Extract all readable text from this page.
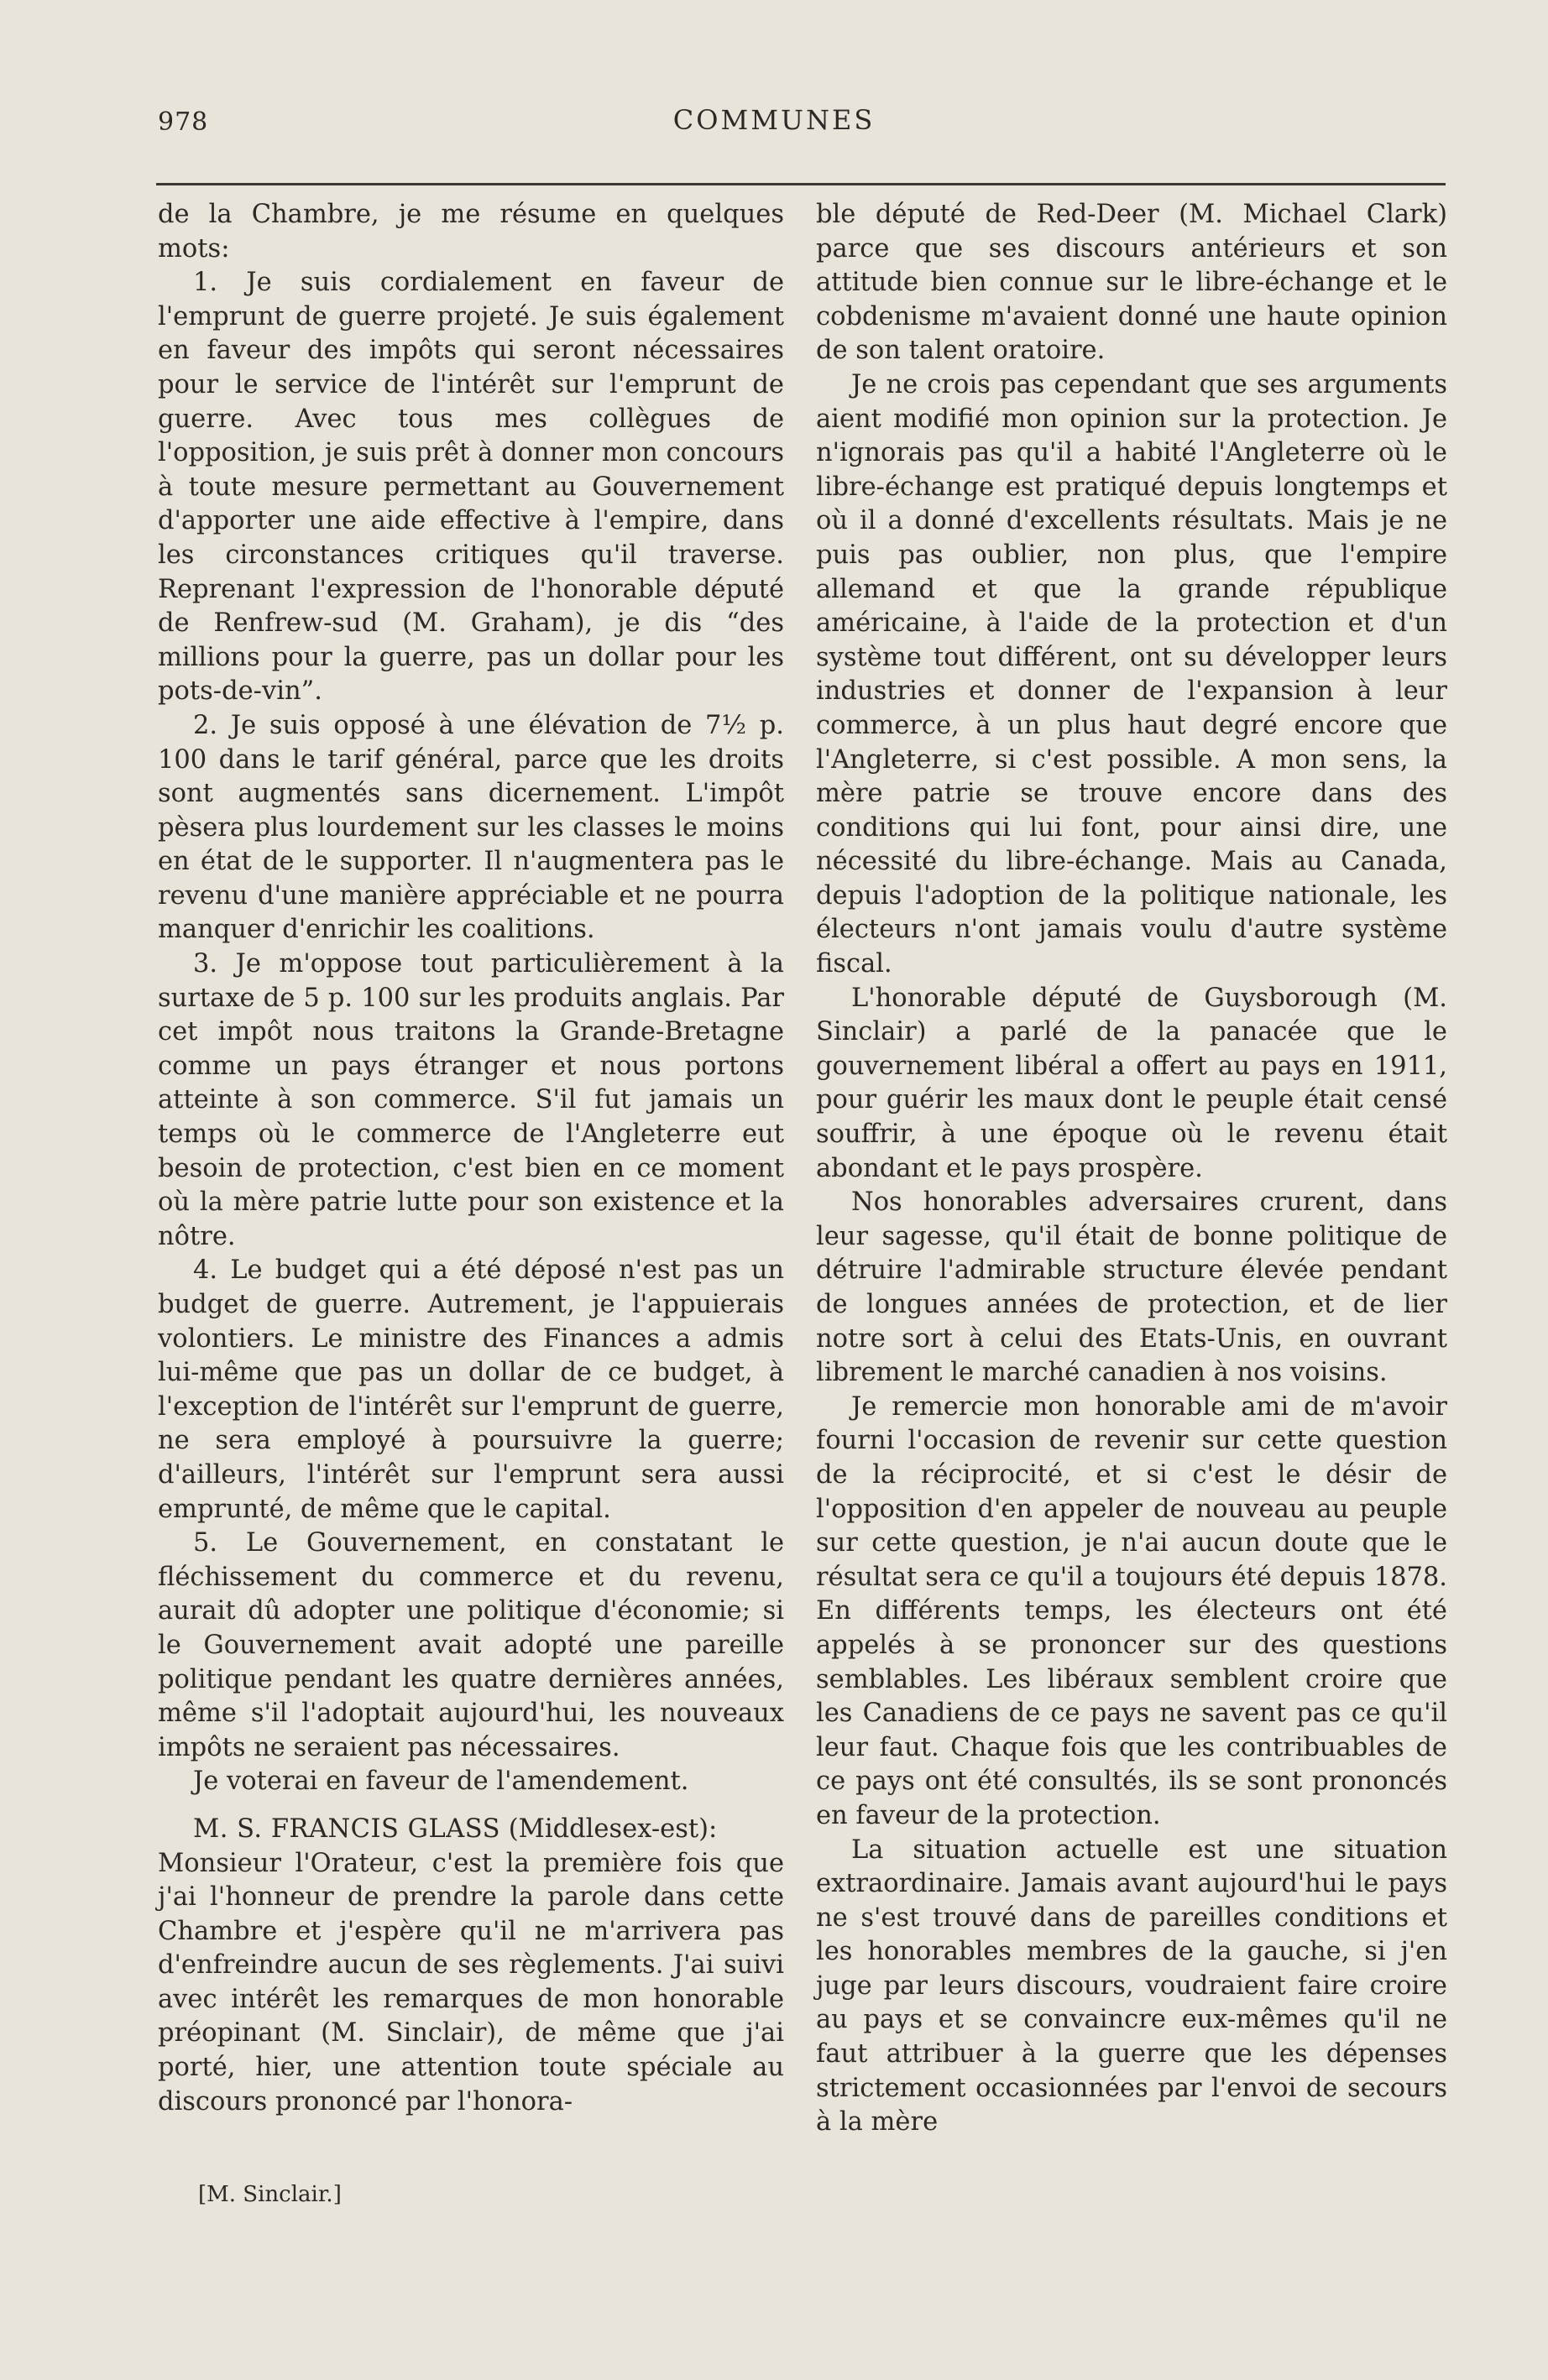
978	COMMUNES

de la Chambre, je me résume en quelques mots:

1. Je suis cordialement en faveur de l'emprunt de guerre projeté. Je suis également en faveur des impôts qui seront nécessaires pour le service de l'intérêt sur l'emprunt de guerre. Avec tous mes collègues de l'opposition, je suis prêt à donner mon concours à toute mesure permettant au Gouvernement d'apporter une aide effective à l'empire, dans les circonstances critiques qu'il traverse. Reprenant l'expression de l'honorable député de Renfrew-sud (M. Graham), je dis “des millions pour la guerre, pas un dollar pour les pots-de-vin”.

2. Je suis opposé à une élévation de 7½ p. 100 dans le tarif général, parce que les droits sont augmentés sans dicernement. L'impôt pèsera plus lourdement sur les classes le moins en état de le supporter. Il n'augmentera pas le revenu d'une manière appréciable et ne pourra manquer d'enrichir les coalitions.

3. Je m'oppose tout particulièrement à la surtaxe de 5 p. 100 sur les produits anglais. Par cet impôt nous traitons la Grande-Bretagne comme un pays étranger et nous portons atteinte à son commerce. S'il fut jamais un temps où le commerce de l'Angleterre eut besoin de protection, c'est bien en ce moment où la mère patrie lutte pour son existence et la nôtre.

4. Le budget qui a été déposé n'est pas un budget de guerre. Autrement, je l'appuierais volontiers. Le ministre des Finances a admis lui-même que pas un dollar de ce budget, à l'exception de l'intérêt sur l'emprunt de guerre, ne sera employé à poursuivre la guerre; d'ailleurs, l'intérêt sur l'emprunt sera aussi emprunté, de même que le capital.

5. Le Gouvernement, en constatant le fléchissement du commerce et du revenu, aurait dû adopter une politique d'économie; si le Gouvernement avait adopté une pareille politique pendant les quatre dernières années, même s'il l'adoptait aujourd'hui, les nouveaux impôts ne seraient pas nécessaires.

Je voterai en faveur de l'amendement.

M. S. FRANCIS GLASS (Middlesex-est):

Monsieur l'Orateur, c'est la première fois que j'ai l'honneur de prendre la parole dans cette Chambre et j'espère qu'il ne m'arrivera pas d'enfreindre aucun de ses règlements. J'ai suivi avec intérêt les remarques de mon honorable préopinant (M. Sinclair), de même que j'ai porté, hier, une attention toute spéciale au discours prononcé par l'honora-

ble député de Red-Deer (M. Michael Clark) parce que ses discours antérieurs et son attitude bien connue sur le libre-échange et le cobdenisme m'avaient donné une haute opinion de son talent oratoire.

Je ne crois pas cependant que ses arguments aient modifié mon opinion sur la protection. Je n'ignorais pas qu'il a habité l'Angleterre où le libre-échange est pratiqué depuis longtemps et où il a donné d'excellents résultats. Mais je ne puis pas oublier, non plus, que l'empire allemand et que la grande république américaine, à l'aide de la protection et d'un système tout différent, ont su développer leurs industries et donner de l'expansion à leur commerce, à un plus haut degré encore que l'Angleterre, si c'est possible. A mon sens, la mère patrie se trouve encore dans des conditions qui lui font, pour ainsi dire, une nécessité du libre-échange. Mais au Canada, depuis l'adoption de la politique nationale, les électeurs n'ont jamais voulu d'autre système fiscal.

L'honorable député de Guysborough (M. Sinclair) a parlé de la panacée que le gouvernement libéral a offert au pays en 1911, pour guérir les maux dont le peuple était censé souffrir, à une époque où le revenu était abondant et le pays prospère.

Nos honorables adversaires crurent, dans leur sagesse, qu'il était de bonne politique de détruire l'admirable structure élevée pendant de longues années de protection, et de lier notre sort à celui des Etats-Unis, en ouvrant librement le marché canadien à nos voisins.

Je remercie mon honorable ami de m'avoir fourni l'occasion de revenir sur cette question de la réciprocité, et si c'est le désir de l'opposition d'en appeler de nouveau au peuple sur cette question, je n'ai aucun doute que le résultat sera ce qu'il a toujours été depuis 1878. En différents temps, les électeurs ont été appelés à se prononcer sur des questions semblables. Les libéraux semblent croire que les Canadiens de ce pays ne savent pas ce qu'il leur faut. Chaque fois que les contribuables de ce pays ont été consultés, ils se sont prononcés en faveur de la protection.

La situation actuelle est une situation extraordinaire. Jamais avant aujourd'hui le pays ne s'est trouvé dans de pareilles conditions et les honorables membres de la gauche, si j'en juge par leurs discours, voudraient faire croire au pays et se convaincre eux-mêmes qu'il ne faut attribuer à la guerre que les dépenses strictement occasionnées par l'envoi de secours à la mère

[M. Sinclair.]
